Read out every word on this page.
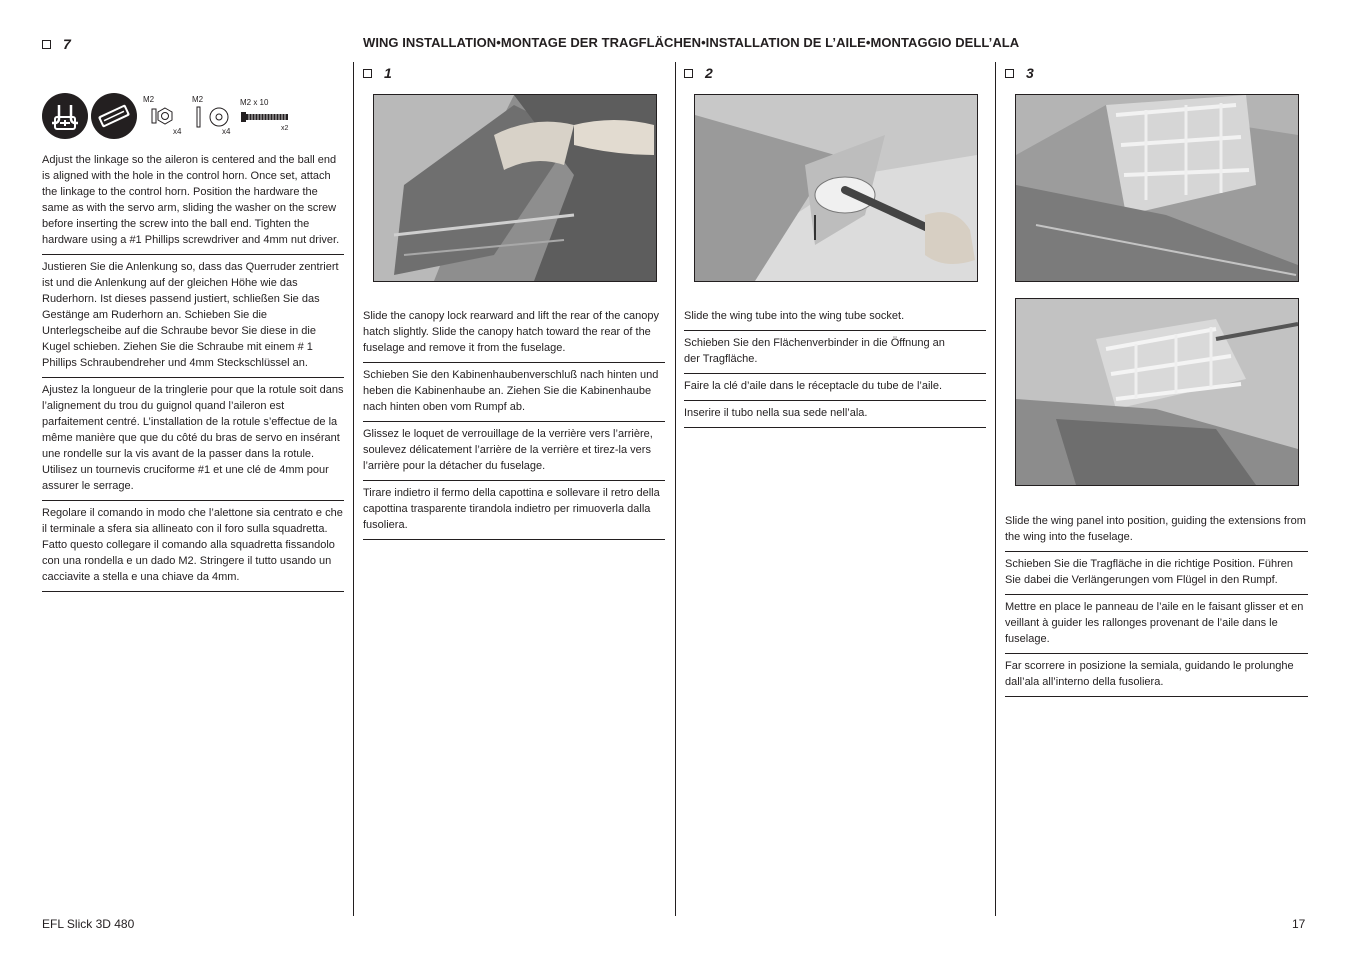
7
M2
x4
M2
x4
M2 x 10
x2
Adjust the linkage so the aileron is centered and the ball end is aligned with the hole in the control horn. Once set, attach the linkage to the control horn. Position the hardware the same as with the servo arm, sliding the washer on the screw before inserting the screw into the ball end. Tighten the hardware using a #1 Phillips screwdriver and 4mm nut driver.
Justieren Sie die Anlenkung so, dass das Querruder zentriert ist und die Anlenkung auf der gleichen Höhe wie das Ruderhorn. Ist dieses passend justiert, schließen Sie das Gestänge am Ruderhorn an. Schieben Sie die Unterlegscheibe auf die Schraube bevor Sie diese in die Kugel schieben. Ziehen Sie die Schraube mit einem # 1 Phillips Schraubendreher und 4mm Steckschlüssel an.
Ajustez la longueur de la tringlerie pour que la rotule soit dans l’alignement du trou du guignol quand l’aileron est parfaitement centré. L’installation de la rotule s’effectue de la même manière que que du côté du bras de servo en insérant une rondelle sur la vis avant de la passer dans la rotule. Utilisez un tournevis cruciforme #1 et une clé de 4mm pour assurer le serrage.
Regolare il comando in modo che l’alettone sia centrato e che il terminale a sfera sia allineato con il foro sulla squadretta. Fatto questo collegare il comando alla squadretta fissandolo con una rondella e un dado M2. Stringere il tutto usando un cacciavite a stella e una chiave da 4mm.
WING INSTALLATION•MONTAGE DER TRAGFLÄCHEN•INSTALLATION DE L’AILE•MONTAGGIO DELL’ALA
1
Slide the canopy lock rearward and lift the rear of the canopy hatch slightly. Slide the canopy hatch toward the rear of the fuselage and remove it from the fuselage.
Schieben Sie den Kabinenhaubenverschluß nach hinten und heben die Kabinenhaube an. Ziehen Sie die Kabinenhaube nach hinten oben vom Rumpf ab.
Glissez le loquet de verrouillage de la verrière vers l’arrière, soulevez délicatement l’arrière de la verrière et tirez-la vers l’arrière pour la détacher du fuselage.
Tirare indietro il fermo della capottina e sollevare il retro della capottina trasparente tirandola indietro per rimuoverla dalla fusoliera.
2
Slide the wing tube into the wing tube socket.
Schieben Sie den Flächenverbinder in die Öffnung an der Tragfläche.
Faire la clé d’aile dans le réceptacle du tube de l’aile.
Inserire il tubo nella sua sede nell’ala.
3
Slide the wing panel into position, guiding the extensions from the wing into the fuselage.
Schieben Sie die Tragfläche in die richtige Position. Führen Sie dabei die Verlängerungen vom Flügel in den Rumpf.
Mettre en place le panneau de l’aile en le faisant glisser et en veillant à guider les rallonges provenant de l’aile dans le fuselage.
Far scorrere in posizione la semiala, guidando le prolunghe dall’ala all’interno della fusoliera.
EFL Slick 3D 480	17
